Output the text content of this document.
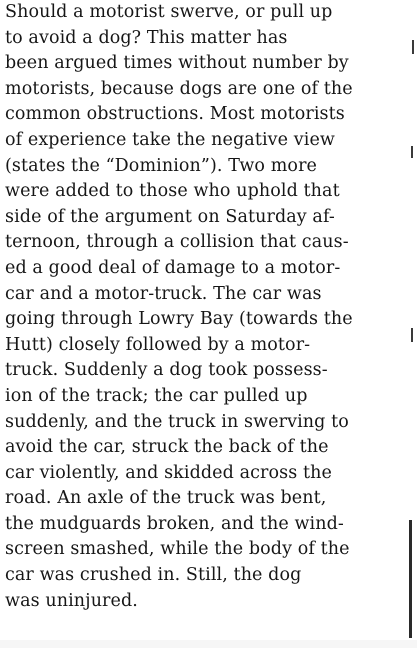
Should a motorist swerve, or pull up
to avoid a dog? This matter has
been argued times without number by
motorists, because dogs are one of the
common obstructions. Most motorists
of experience take the negative view
(states the “Dominion”). Two more
were added to those who uphold that
side of the argument on Saturday af-
ternoon, through a collision that caus-
ed a good deal of damage to a motor-
car and a motor-truck. The car was
going through Lowry Bay (towards the
Hutt) closely followed by a motor-
truck. Suddenly a dog took possess-
ion of the track; the car pulled up
suddenly, and the truck in swerving to
avoid the car, struck the back of the
car violently, and skidded across the
road. An axle of the truck was bent,
the mudguards broken, and the wind-
screen smashed, while the body of the
car was crushed in. Still, the dog
was uninjured.
